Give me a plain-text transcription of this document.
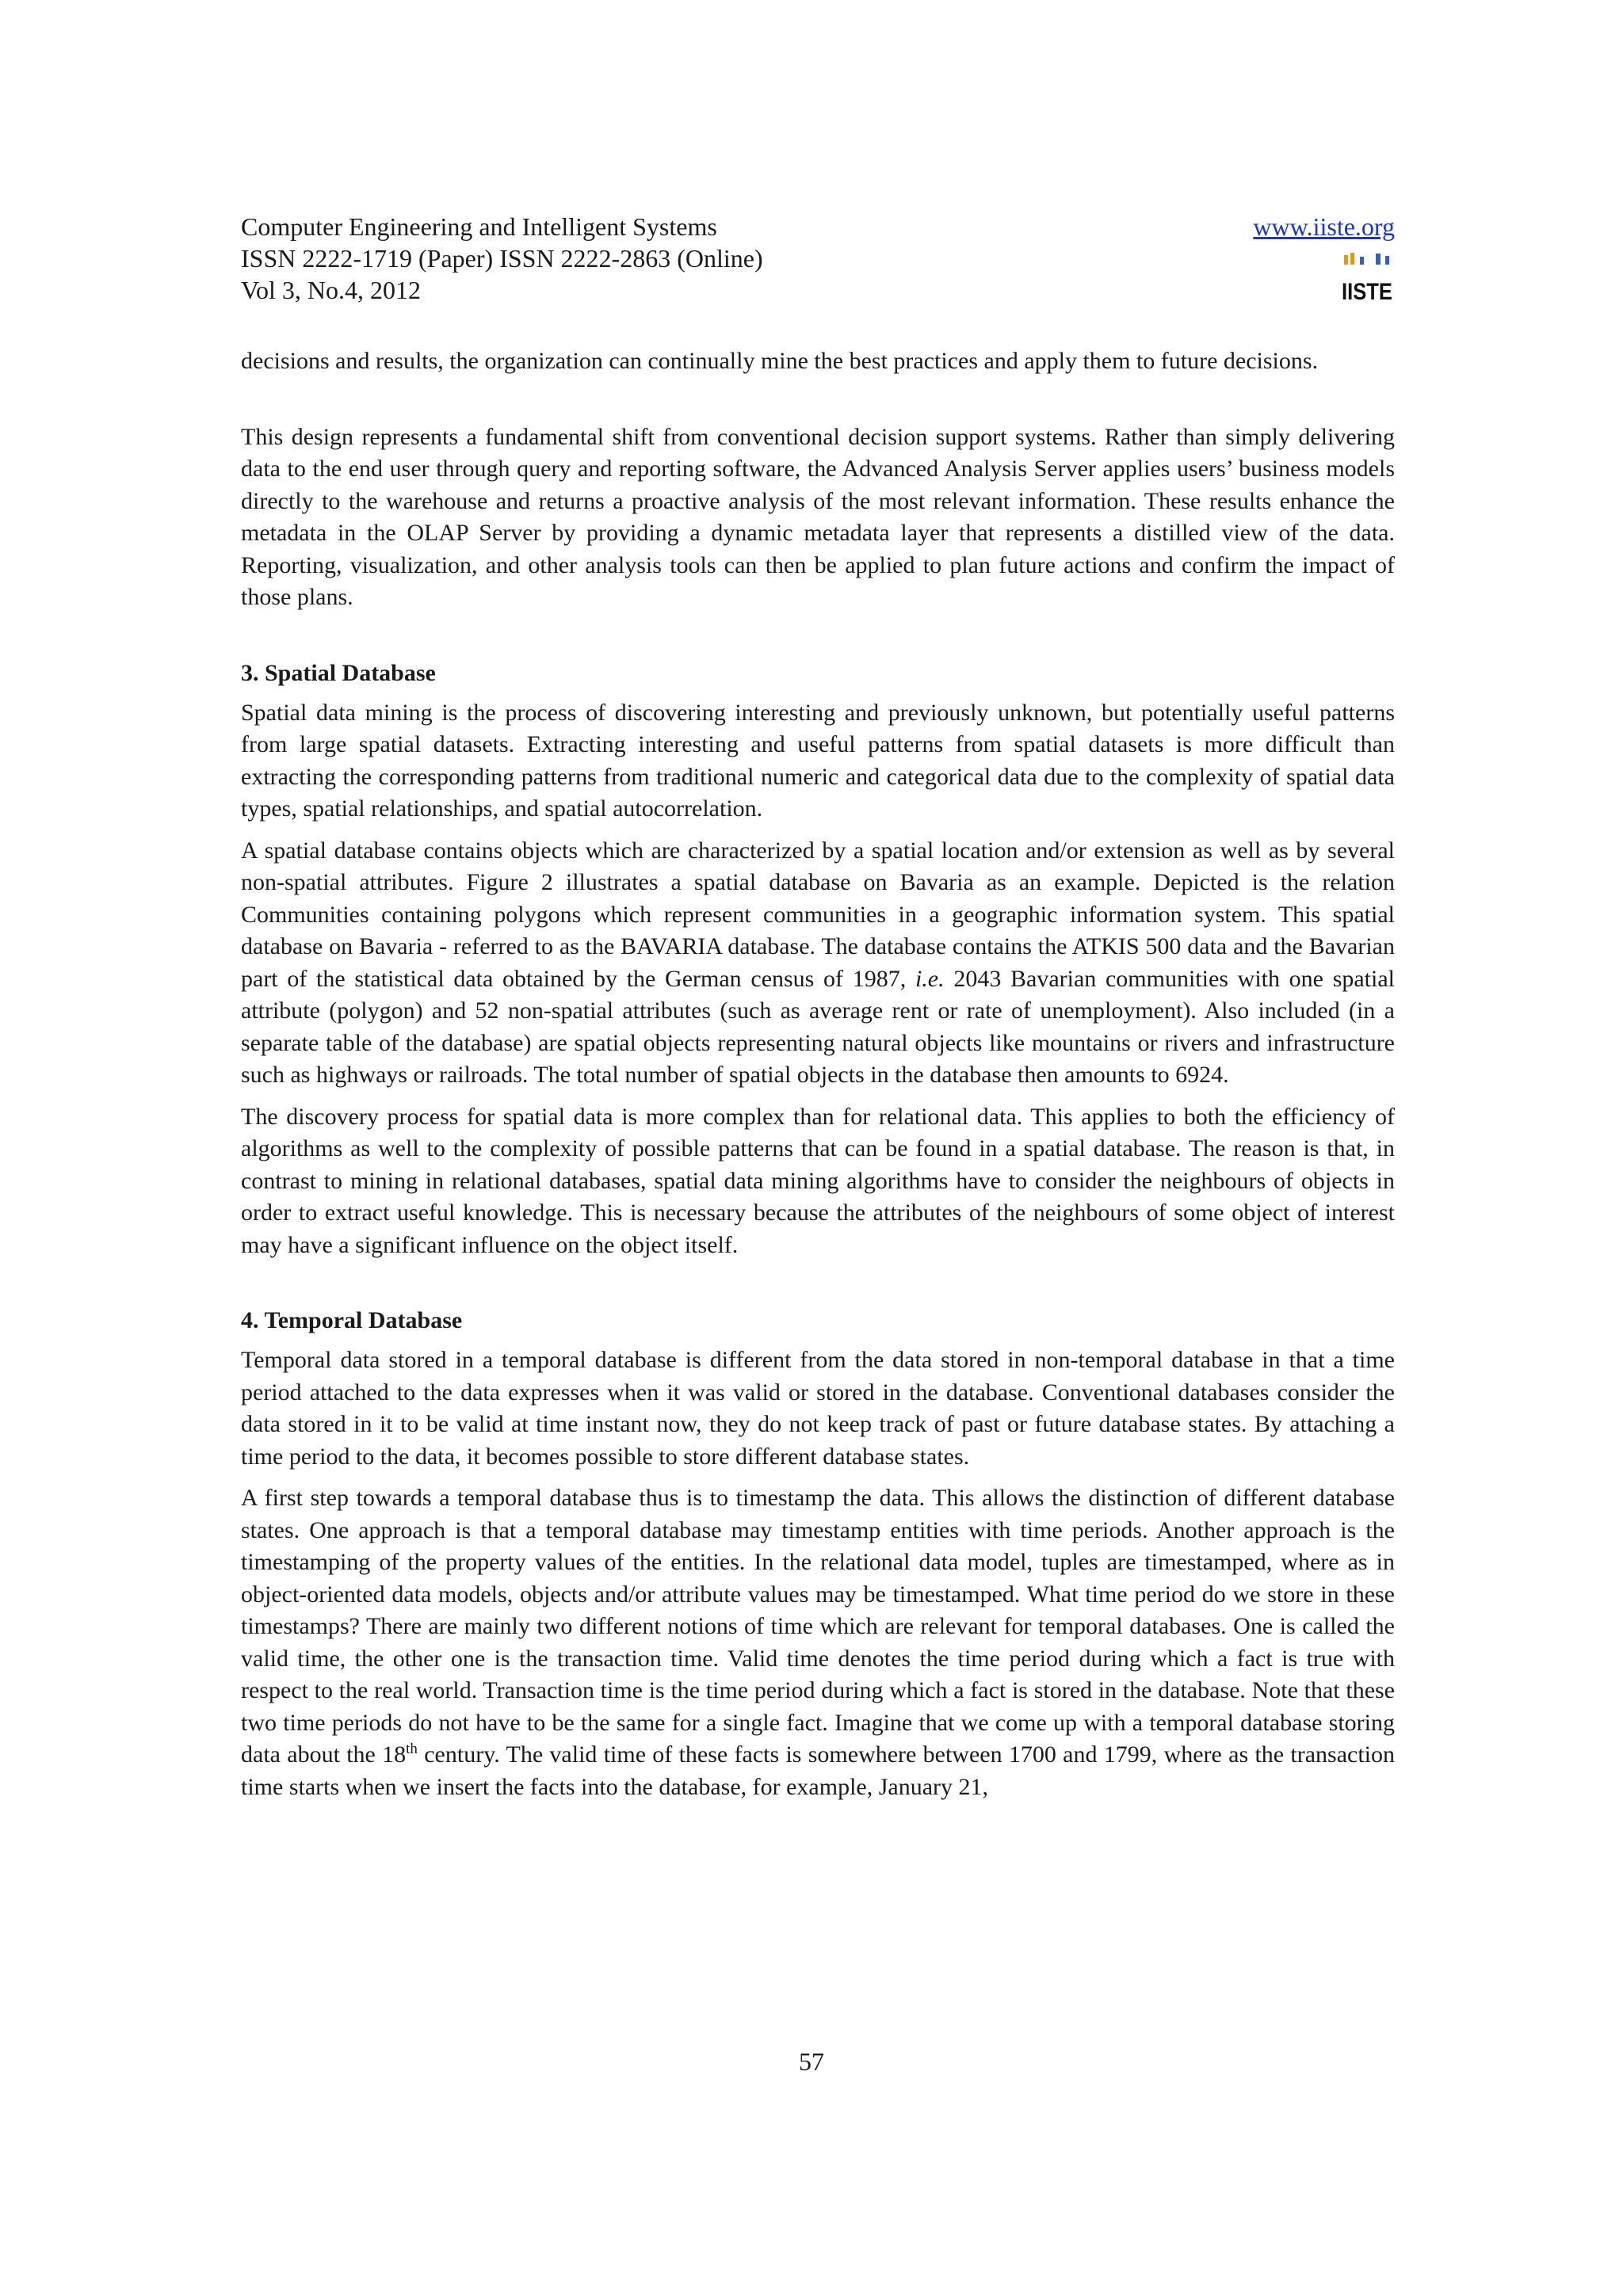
Computer Engineering and Intelligent Systems
ISSN 2222-1719 (Paper) ISSN 2222-2863 (Online)
Vol 3, No.4, 2012
www.iiste.org
IISTE

decisions and results, the organization can continually mine the best practices and apply them to future decisions.

This design represents a fundamental shift from conventional decision support systems. Rather than simply delivering data to the end user through query and reporting software, the Advanced Analysis Server applies users’ business models directly to the warehouse and returns a proactive analysis of the most relevant information. These results enhance the metadata in the OLAP Server by providing a dynamic metadata layer that represents a distilled view of the data. Reporting, visualization, and other analysis tools can then be applied to plan future actions and confirm the impact of those plans.

3. Spatial Database

Spatial data mining is the process of discovering interesting and previously unknown, but potentially useful patterns from large spatial datasets. Extracting interesting and useful patterns from spatial datasets is more difficult than extracting the corresponding patterns from traditional numeric and categorical data due to the complexity of spatial data types, spatial relationships, and spatial autocorrelation.

A spatial database contains objects which are characterized by a spatial location and/or extension as well as by several non-spatial attributes. Figure 2 illustrates a spatial database on Bavaria as an example. Depicted is the relation Communities containing polygons which represent communities in a geographic information system. This spatial database on Bavaria - referred to as the BAVARIA database. The database contains the ATKIS 500 data and the Bavarian part of the statistical data obtained by the German census of 1987, i.e. 2043 Bavarian communities with one spatial attribute (polygon) and 52 non-spatial attributes (such as average rent or rate of unemployment). Also included (in a separate table of the database) are spatial objects representing natural objects like mountains or rivers and infrastructure such as highways or railroads. The total number of spatial objects in the database then amounts to 6924.

The discovery process for spatial data is more complex than for relational data. This applies to both the efficiency of algorithms as well to the complexity of possible patterns that can be found in a spatial database. The reason is that, in contrast to mining in relational databases, spatial data mining algorithms have to consider the neighbours of objects in order to extract useful knowledge. This is necessary because the attributes of the neighbours of some object of interest may have a significant influence on the object itself.

4. Temporal Database

Temporal data stored in a temporal database is different from the data stored in non-temporal database in that a time period attached to the data expresses when it was valid or stored in the database. Conventional databases consider the data stored in it to be valid at time instant now, they do not keep track of past or future database states. By attaching a time period to the data, it becomes possible to store different database states.

A first step towards a temporal database thus is to timestamp the data. This allows the distinction of different database states. One approach is that a temporal database may timestamp entities with time periods. Another approach is the timestamping of the property values of the entities. In the relational data model, tuples are timestamped, where as in object-oriented data models, objects and/or attribute values may be timestamped. What time period do we store in these timestamps? There are mainly two different notions of time which are relevant for temporal databases. One is called the valid time, the other one is the transaction time. Valid time denotes the time period during which a fact is true with respect to the real world. Transaction time is the time period during which a fact is stored in the database. Note that these two time periods do not have to be the same for a single fact. Imagine that we come up with a temporal database storing data about the 18th century. The valid time of these facts is somewhere between 1700 and 1799, where as the transaction time starts when we insert the facts into the database, for example, January 21,

57
